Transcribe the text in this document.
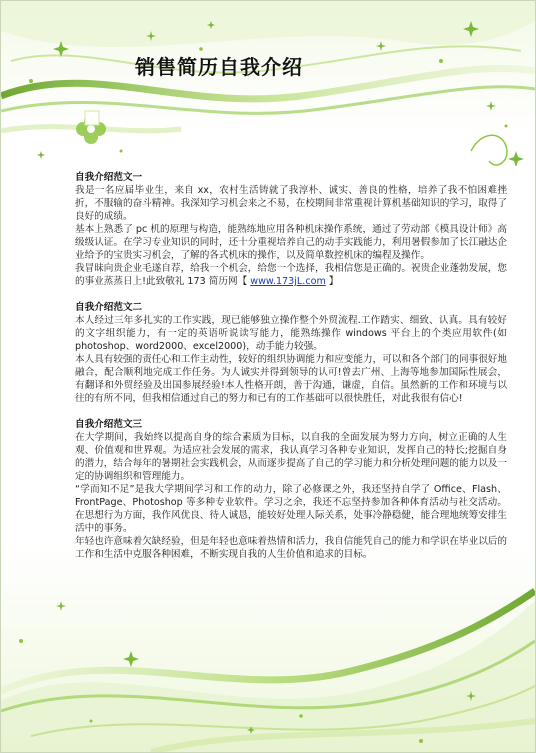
销售简历自我介绍
自我介绍范文一

我是一名应届毕业生，来自 xx，农村生活铸就了我淳朴、诚实、善良的性格，培养了我不怕困难挫折，不服输的奋斗精神。我深知学习机会来之不易，在校期间非常重视计算机基础知识的学习，取得了良好的成绩。

基本上熟悉了 pc 机的原理与构造，能熟练地应用各种机床操作系统，通过了劳动部《模具设计师》高级级认证。在学习专业知识的同时，还十分重视培养自己的动手实践能力，利用暑假参加了长江融达企业给予的宝贵实习机会，了解的各式机床的操作，以及简单数控机床的编程及操作。

我冒昧向贵企业毛遂自荐，给我一个机会，给您一个选择，我相信您是正确的。祝贵企业蓬勃发展，您的事业蒸蒸日上!此致敬礼 173 简历网【 www.173jL.com 】

自我介绍范文二

本人经过三年多扎实的工作实践，现已能够独立操作整个外贸流程.工作踏实、细致、认真。具有较好的文字组织能力，有一定的英语听说读写能力，能熟练操作 windows 平台上的个类应用软件(如 photoshop、word2000、excel2000)，动手能力较强。

本人具有较强的责任心和工作主动性，较好的组织协调能力和应变能力，可以和各个部门的同事很好地融合，配合顺利地完成工作任务。为人诚实并得到领导的认可!曾去广州、上海等地参加国际性展会，有翻译和外贸经验及出国参展经验!本人性格开朗，善于沟通，谦虚，自信。虽然新的工作和环境与以往的有所不同，但我相信通过自己的努力和已有的工作基础可以很快胜任，对此我很有信心!

自我介绍范文三

在大学期间，我始终以提高自身的综合素质为目标，以自我的全面发展为努力方向，树立正确的人生观、价值观和世界观。为适应社会发展的需求，我认真学习各种专业知识，发挥自己的特长;挖掘自身的潜力，结合每年的暑期社会实践机会，从而逐步提高了自己的学习能力和分析处理问题的能力以及一定的协调组织和管理能力。

“学而知不足”是我大学期间学习和工作的动力，除了必修课之外，我还坚持自学了 Office、Flash、FrontPage、Photoshop 等多种专业软件。学习之余，我还不忘坚持参加各种体育活动与社交活动。在思想行为方面，我作风优良、待人诚恳，能较好处理人际关系，处事冷静稳健，能合理地统筹安排生活中的事务。

年轻也许意味着欠缺经验，但是年轻也意味着热情和活力，我自信能凭自己的能力和学识在毕业以后的工作和生活中克服各种困难，不断实现自我的人生价值和追求的目标。
